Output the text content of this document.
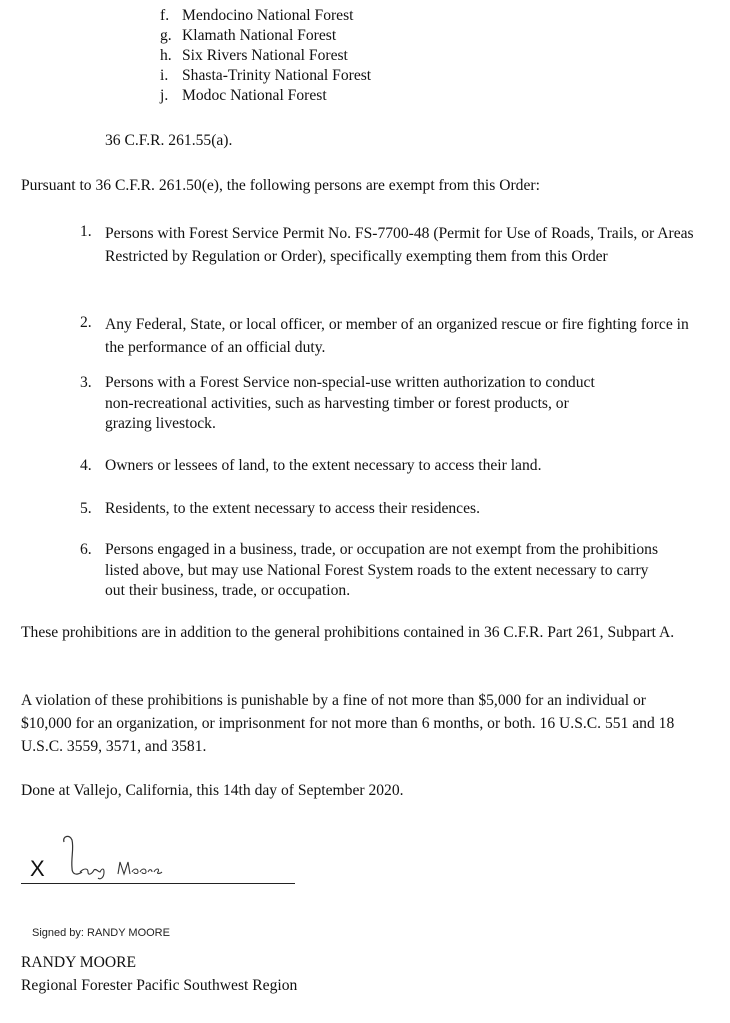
f. Mendocino National Forest
g. Klamath National Forest
h. Six Rivers National Forest
i. Shasta-Trinity National Forest
j. Modoc National Forest
36 C.F.R. 261.55(a).
Pursuant to 36 C.F.R. 261.50(e), the following persons are exempt from this Order:
1. Persons with Forest Service Permit No. FS-7700-48 (Permit for Use of Roads, Trails, or Areas Restricted by Regulation or Order), specifically exempting them from this Order
2. Any Federal, State, or local officer, or member of an organized rescue or fire fighting force in the performance of an official duty.
3. Persons with a Forest Service non-special-use written authorization to conduct non-recreational activities, such as harvesting timber or forest products, or grazing livestock.
4. Owners or lessees of land, to the extent necessary to access their land.
5. Residents, to the extent necessary to access their residences.
6. Persons engaged in a business, trade, or occupation are not exempt from the prohibitions listed above, but may use National Forest System roads to the extent necessary to carry out their business, trade, or occupation.
These prohibitions are in addition to the general prohibitions contained in 36 C.F.R. Part 261, Subpart A.
A violation of these prohibitions is punishable by a fine of not more than $5,000 for an individual or $10,000 for an organization, or imprisonment for not more than 6 months, or both. 16 U.S.C. 551 and 18 U.S.C. 3559, 3571, and 3581.
Done at Vallejo, California, this 14th day of September 2020.
X
Signed by: RANDY MOORE
RANDY MOORE
Regional Forester Pacific Southwest Region
